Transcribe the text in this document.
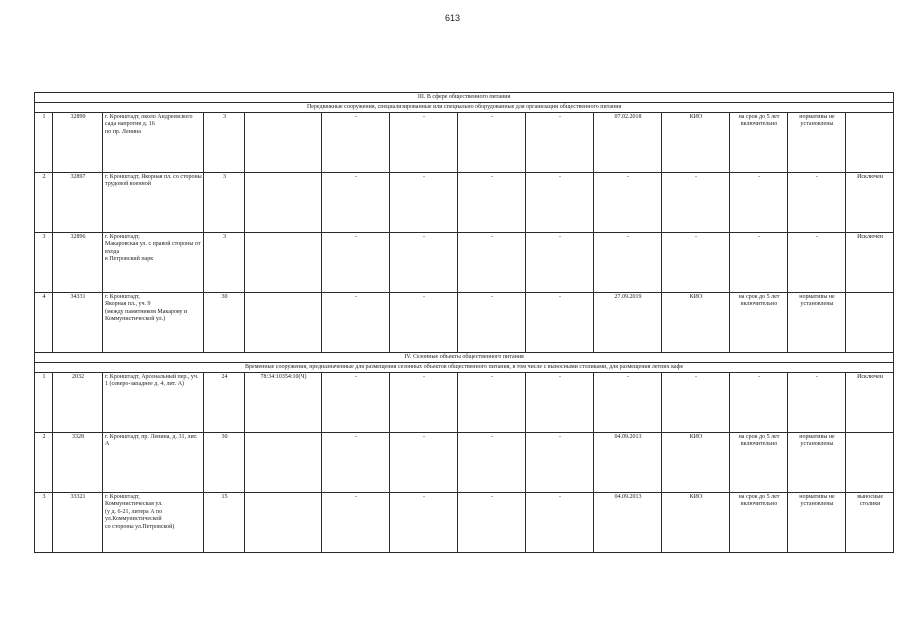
613
III. В сфере общественного питания													
Передвижные сооружения, специализированные или специально оборудованные для организации общественного питания													
1	32899	г. Кронштадт, около Андреевского сада напротив д. 16
по пр. Ленина	3		-	-	-	-	07.02.2018	КИО	на срок до 5 лет включительно	нормативы не установлены	
2	32897	г. Кронштадт, Якорная пл. со стороны трудовой военной	3		-	-	-	-	-	-	-	-	Исключен
3	32896	г. Кронштадт,
Макаровская ул. с правой стороны от входа
в Петровский парк	3		-	-	-	-	-	-	-	-	Исключен
4	34331	г. Кронштадт,
Якорная пл., уч. 9
(между памятником Макарову и Коммунистической ул.)	30		-	-	-	-	27.09.2019	КИО	на срок до 5 лет включительно	нормативы не установлены	
IV. Сезонные объекты общественного питания													
Временные сооружения, предназначенные для размещения сезонных объектов общественного питания, в том числе с выносными столиками, для размещения летних кафе													
1	2032	г. Кронштадт, Арсенальный пер., уч. 1 (северо-западнее д. 4, лит. А)	24	78:34:10354:10(Ч)	-	-	-	-	-	-	-	-	Исключен
2	3328	г. Кронштадт, пр. Ленина, д. 31, лит. А	30		-	-	-	-	04.09.2013	КИО	на срок до 5 лет включительно	нормативы не установлены	
3	33321	г. Кронштадт,
Коммунистическая ул.
(у д. 6-21, литера А по ул.Коммунистической
со стороны ул.Петровской)	15		-	-	-	-	04.09.2013	КИО	на срок до 5 лет включительно	нормативы не установлены	выносные столики
